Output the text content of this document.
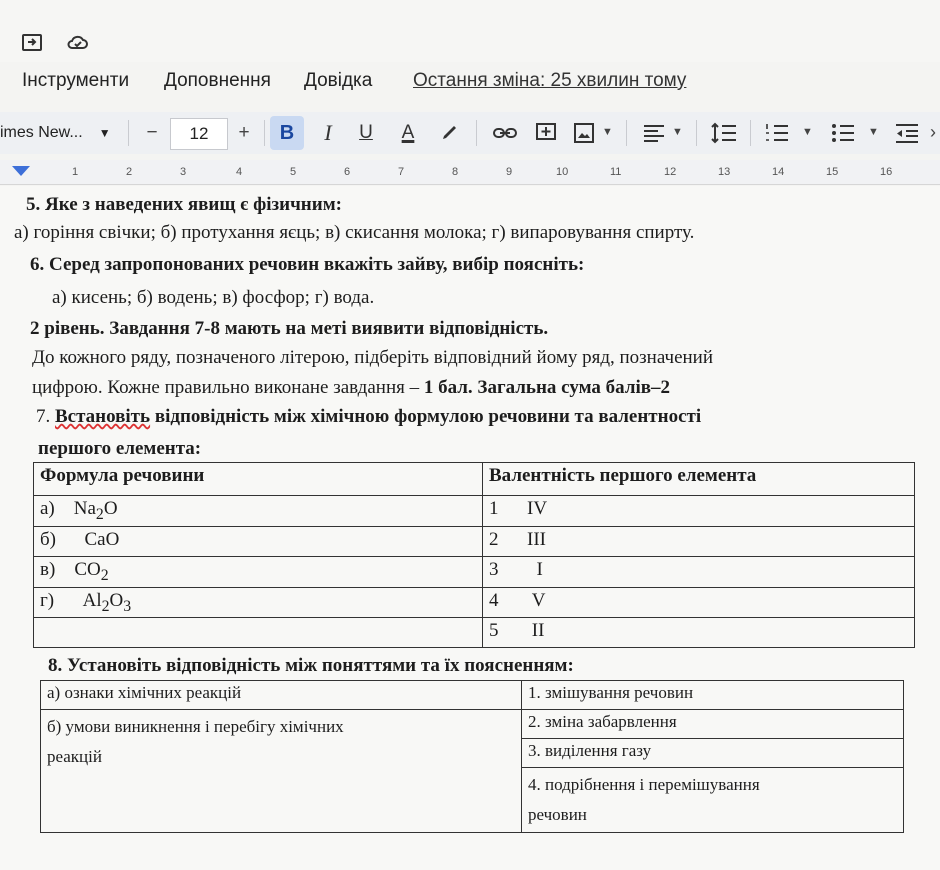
Інструменти Доповнення Довідка Остання зміна: 25 хвилин тому
imes New... ▼	−	12	+	B	I	U	A	▼	▼	▼	▼	›
1	2	3	4	5	6	7	8	9	10	11	12	13	14	15	16
5. Яке з наведених явищ є фізичним:
а) горіння свічки; б) протухання яєць; в) скисання молока; г) випаровування спирту.
6. Серед запропонованих речовин вкажіть зайву, вибір поясніть:
а) кисень; б) водень; в) фосфор; г) вода.
2 рівень. Завдання 7-8 мають на меті виявити відповідність.
До кожного ряду, позначеного літерою, підберіть відповідний йому ряд, позначений
цифрою. Кожне правильно виконане завдання – 1 бал. Загальна сума балів–2
7. Встановіть відповідність між хімічною формулою речовини та валентності
першого елемента:
Формула речовини	Валентність першого елемента
а) $Na_2O$	1 IV
б) CaO	2 III
в) $CO_2$	3 I
г) $Al_2O_3$	4 V
	5 II
8. Установіть відповідність між поняттями та їх поясненням:
а) ознаки хімічних реакцій	1. змішування речовин

б) умови виникнення і перебігу хімічних
реакцій	2. зміна забарвлення
	3. виділення газу

	4. подрібнення і перемішування
речовин
